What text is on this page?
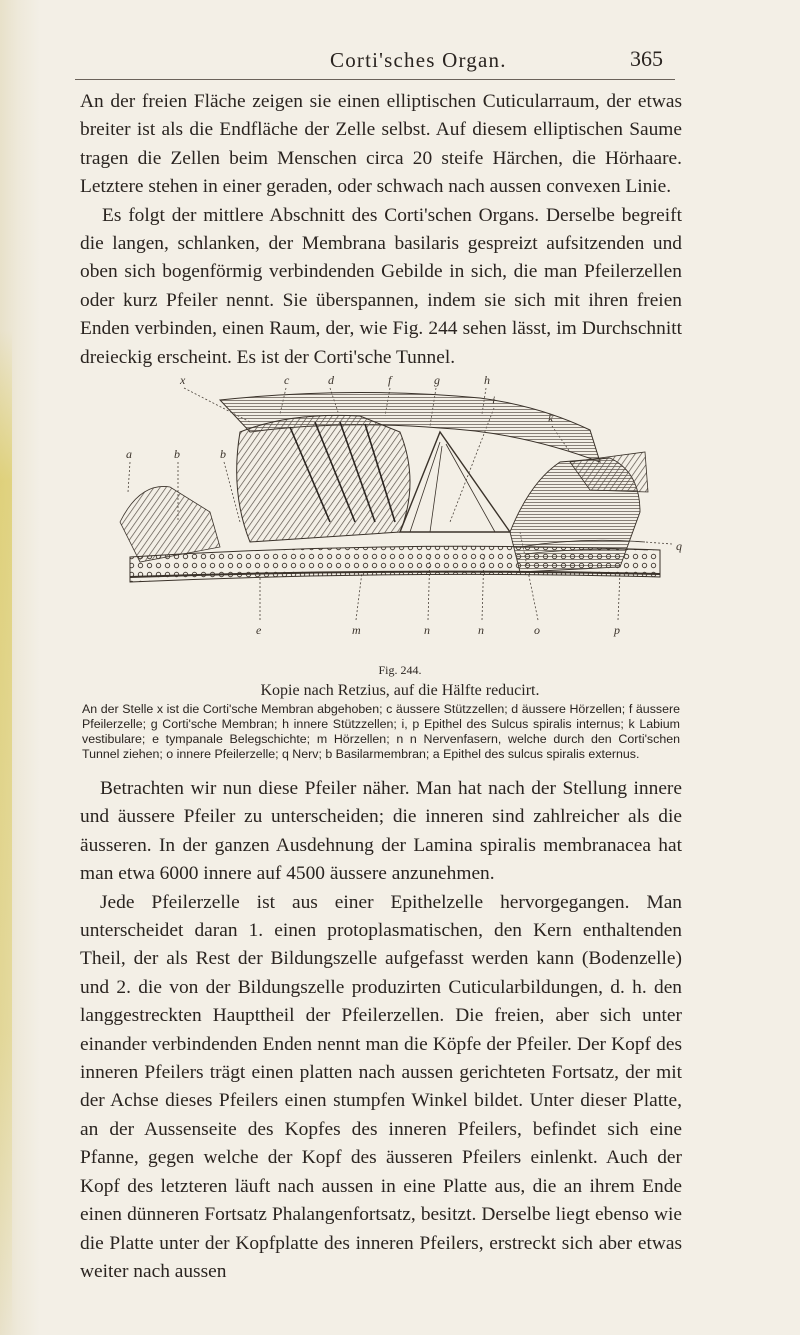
Corti'sches Organ.	365

An der freien Fläche zeigen sie einen elliptischen Cuticularraum, der etwas breiter ist als die Endfläche der Zelle selbst. Auf diesem elliptischen Saume tragen die Zellen beim Menschen circa 20 steife Härchen, die Hörhaare. Letztere stehen in einer geraden, oder schwach nach aussen convexen Linie.

Es folgt der mittlere Abschnitt des Corti'schen Organs. Derselbe begreift die langen, schlanken, der Membrana basilaris gespreizt aufsitzenden und oben sich bogenförmig verbindenden Gebilde in sich, die man Pfeilerzellen oder kurz Pfeiler nennt. Sie überspannen, indem sie sich mit ihren freien Enden verbinden, einen Raum, der, wie Fig. 244 sehen lässt, im Durchschnitt dreieckig erscheint. Es ist der Corti'sche Tunnel.

x	c	d	f	g	h
a	b	b
q
e	m	n	n	o	p
Fig. 244.
Kopie nach Retzius, auf die Hälfte reducirt.
An der Stelle x ist die Corti'sche Membran abgehoben; c äussere Stützzellen; d äussere Hörzellen; f äussere Pfeilerzelle; g Corti'sche Membran; h innere Stützzellen; i, p Epithel des Sulcus spiralis internus; k Labium vestibulare; e tympanale Belegschichte; m Hörzellen; n n Nervenfasern, welche durch den Corti'schen Tunnel ziehen; o innere Pfeilerzelle; q Nerv; b Basilarmembran; a Epithel des sulcus spiralis externus.

Betrachten wir nun diese Pfeiler näher. Man hat nach der Stellung innere und äussere Pfeiler zu unterscheiden; die inneren sind zahlreicher als die äusseren. In der ganzen Ausdehnung der Lamina spiralis membranacea hat man etwa 6000 innere auf 4500 äussere anzunehmen.

Jede Pfeilerzelle ist aus einer Epithelzelle hervorgegangen. Man unterscheidet daran 1. einen protoplasmatischen, den Kern enthaltenden Theil, der als Rest der Bildungszelle aufgefasst werden kann (Bodenzelle) und 2. die von der Bildungszelle produzirten Cuticularbildungen, d. h. den langgestreckten Haupttheil der Pfeilerzellen. Die freien, aber sich unter einander verbindenden Enden nennt man die Köpfe der Pfeiler. Der Kopf des inneren Pfeilers trägt einen platten nach aussen gerichteten Fortsatz, der mit der Achse dieses Pfeilers einen stumpfen Winkel bildet. Unter dieser Platte, an der Aussenseite des Kopfes des inneren Pfeilers, befindet sich eine Pfanne, gegen welche der Kopf des äusseren Pfeilers einlenkt. Auch der Kopf des letzteren läuft nach aussen in eine Platte aus, die an ihrem Ende einen dünneren Fortsatz Phalangenfortsatz, besitzt. Derselbe liegt ebenso wie die Platte unter der Kopfplatte des inneren Pfeilers, erstreckt sich aber etwas weiter nach aussen
